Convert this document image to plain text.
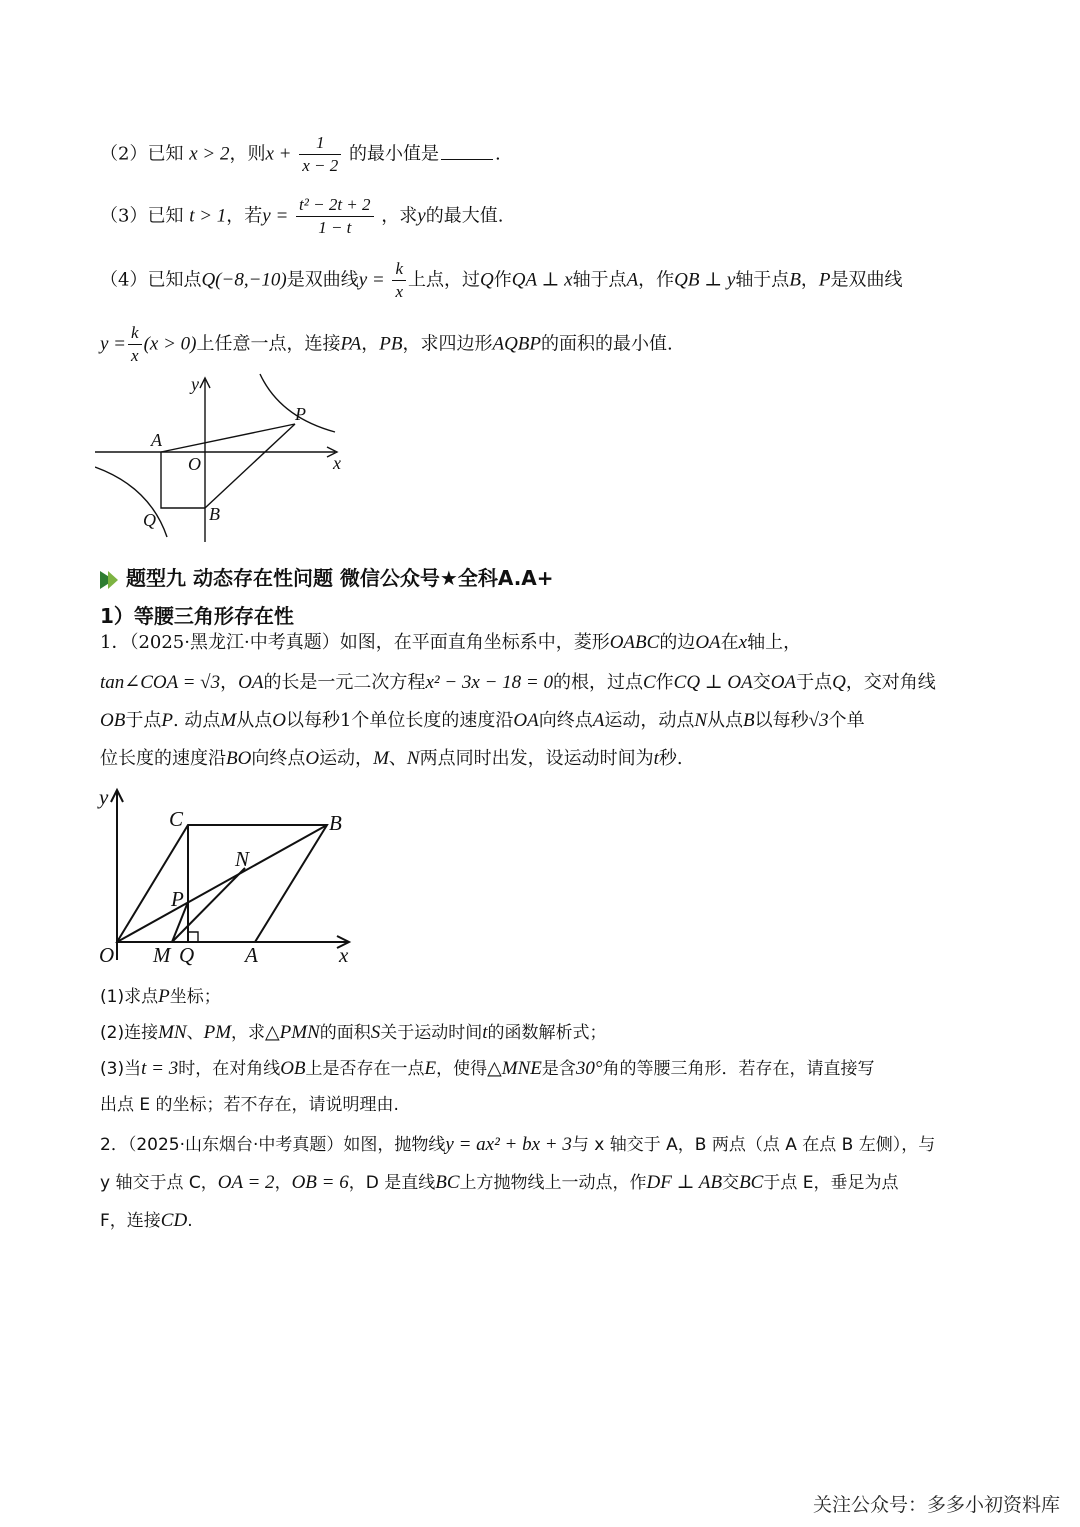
（2）已知 x > 2，则$x + \frac{1}{x - 2}$ 的最小值是	.
（3）已知 t > 1，若$y = \frac{\text{t² − 2t + 2}}{1 - t}$ ，求y的最大值.
（4）已知点Q(−8,−10)是双曲线$y = \frac{k}{x}$ 上点，过Q作QA ⊥ x轴于点A，作QB ⊥ y轴于点B，P是双曲线
$y = \frac{k}{x} (x > 0)$上任意一点，连接PA，PB，求四边形AQBP的面积的最小值.
y
P
A
O	x
Q	B
题型九 动态存在性问题 微信公众号★全科A.A+
1）等腰三角形存在性
1．（2025·黑龙江·中考真题）如图，在平面直角坐标系中，菱形OABC的边OA在x轴上，
tan∠COA = √3，OA的长是一元二次方程x² − 3x − 18 = 0的根，过点C作CQ ⊥ OA交OA于点Q，交对角线
OB于点P. 动点M从点O以每秒1个单位长度的速度沿OA向终点A运动，动点N从点B以每秒√3个单
位长度的速度沿BO向终点O运动，M、N两点同时出发，设运动时间为t秒.
y
C	B
N
P
O M Q A	x
(1)求点P坐标；
(2)连接MN、PM，求△PMN的面积S关于运动时间t的函数解析式；
(3)当t = 3时，在对角线OB上是否存在一点E，使得△MNE是含30°角的等腰三角形．若存在，请直接写
出点 E 的坐标；若不存在，请说明理由.
2．（2025·山东烟台·中考真题）如图，抛物线y = ax² + bx + 3与 x 轴交于 A，B 两点（点 A 在点 B 左侧），与
y 轴交于点 C，OA = 2，OB = 6，D 是直线BC上方抛物线上一动点，作DF ⊥ AB交BC于点 E，垂足为点
F，连接CD.
关注公众号：多多小初资料库
